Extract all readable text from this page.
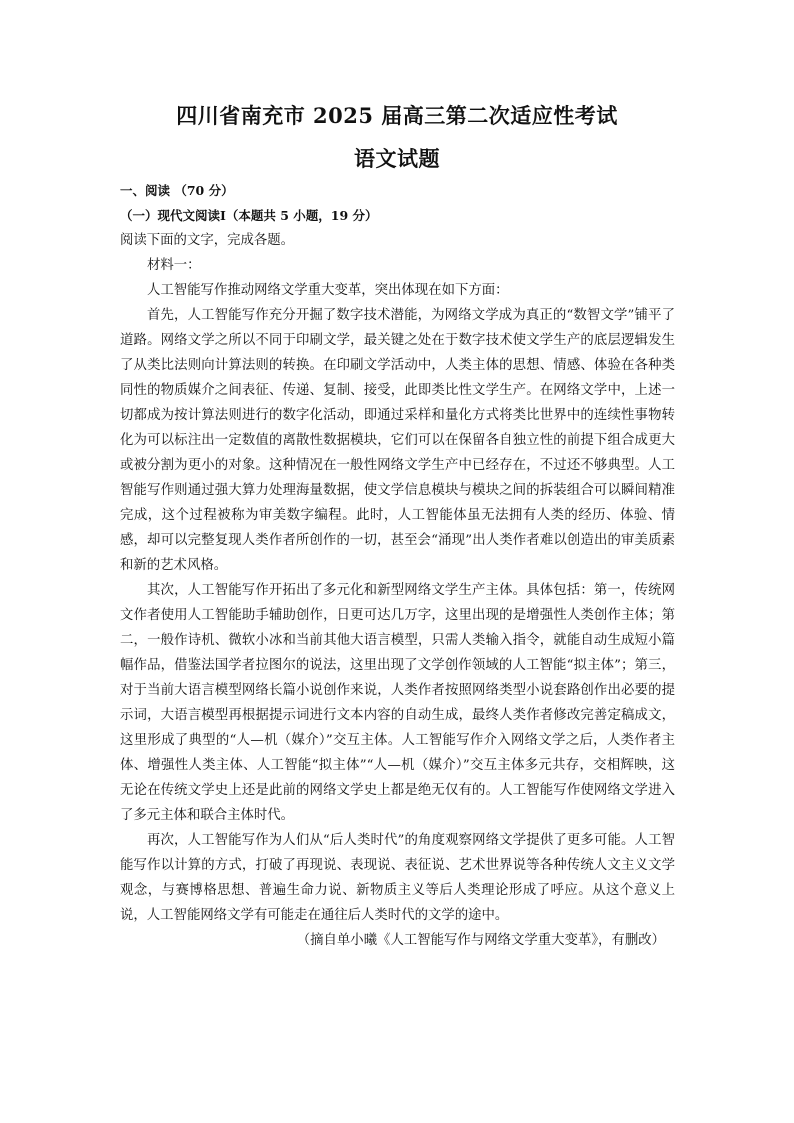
四川省南充市 2025 届高三第二次适应性考试
语文试题

一、阅读 （70 分）

（一）现代文阅读Ⅰ（本题共 5 小题，19 分）

阅读下面的文字，完成各题。

材料一：

人工智能写作推动网络文学重大变革，突出体现在如下方面：

首先，人工智能写作充分开掘了数字技术潜能，为网络文学成为真正的“数智文学”铺平了道路。网络文学之所以不同于印刷文学，最关键之处在于数字技术使文学生产的底层逻辑发生了从类比法则向计算法则的转换。在印刷文学活动中，人类主体的思想、情感、体验在各种类同性的物质媒介之间表征、传递、复制、接受，此即类比性文学生产。在网络文学中，上述一切都成为按计算法则进行的数字化活动，即通过采样和量化方式将类比世界中的连续性事物转化为可以标注出一定数值的离散性数据模块，它们可以在保留各自独立性的前提下组合成更大或被分割为更小的对象。这种情况在一般性网络文学生产中已经存在，不过还不够典型。人工智能写作则通过强大算力处理海量数据，使文学信息模块与模块之间的拆装组合可以瞬间精准完成，这个过程被称为审美数字编程。此时，人工智能体虽无法拥有人类的经历、体验、情感，却可以完整复现人类作者所创作的一切，甚至会“涌现”出人类作者难以创造出的审美质素和新的艺术风格。

其次，人工智能写作开拓出了多元化和新型网络文学生产主体。具体包括：第一，传统网文作者使用人工智能助手辅助创作，日更可达几万字，这里出现的是增强性人类创作主体；第二，一般作诗机、微软小冰和当前其他大语言模型，只需人类输入指令，就能自动生成短小篇幅作品，借鉴法国学者拉图尔的说法，这里出现了文学创作领域的人工智能“拟主体”；第三，对于当前大语言模型网络长篇小说创作来说，人类作者按照网络类型小说套路创作出必要的提示词，大语言模型再根据提示词进行文本内容的自动生成，最终人类作者修改完善定稿成文，这里形成了典型的“人—机（媒介）”交互主体。人工智能写作介入网络文学之后，人类作者主体、增强性人类主体、人工智能“拟主体”“人—机（媒介）”交互主体多元共存，交相辉映，这无论在传统文学史上还是此前的网络文学史上都是绝无仅有的。人工智能写作使网络文学进入了多元主体和联合主体时代。

再次，人工智能写作为人们从“后人类时代”的角度观察网络文学提供了更多可能。人工智能写作以计算的方式，打破了再现说、表现说、表征说、艺术世界说等各种传统人文主义文学观念，与赛博格思想、普遍生命力说、新物质主义等后人类理论形成了呼应。从这个意义上说，人工智能网络文学有可能走在通往后人类时代的文学的途中。

（摘自单小曦《人工智能写作与网络文学重大变革》，有删改）
